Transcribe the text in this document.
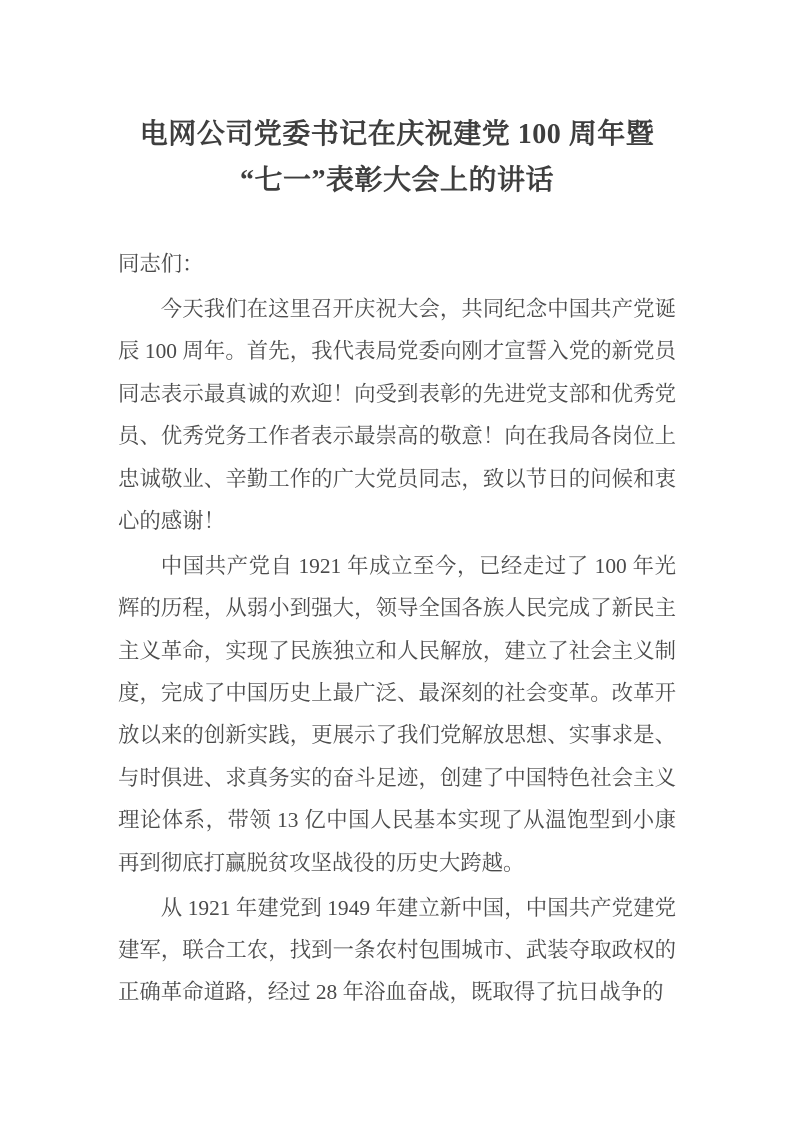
电网公司党委书记在庆祝建党 100 周年暨
“七一”表彰大会上的讲话

同志们：

今天我们在这里召开庆祝大会，共同纪念中国共产党诞辰 100 周年。首先，我代表局党委向刚才宣誓入党的新党员同志表示最真诚的欢迎！向受到表彰的先进党支部和优秀党员、优秀党务工作者表示最崇高的敬意！向在我局各岗位上忠诚敬业、辛勤工作的广大党员同志，致以节日的问候和衷心的感谢！

中国共产党自 1921 年成立至今，已经走过了 100 年光辉的历程，从弱小到强大，领导全国各族人民完成了新民主主义革命，实现了民族独立和人民解放，建立了社会主义制度，完成了中国历史上最广泛、最深刻的社会变革。改革开放以来的创新实践，更展示了我们党解放思想、实事求是、与时俱进、求真务实的奋斗足迹，创建了中国特色社会主义理论体系，带领 13 亿中国人民基本实现了从温饱型到小康再到彻底打赢脱贫攻坚战役的历史大跨越。

从 1921 年建党到 1949 年建立新中国，中国共产党建党建军，联合工农，找到一条农村包围城市、武装夺取政权的正确革命道路，经过 28 年浴血奋战，既取得了抗日战争的
